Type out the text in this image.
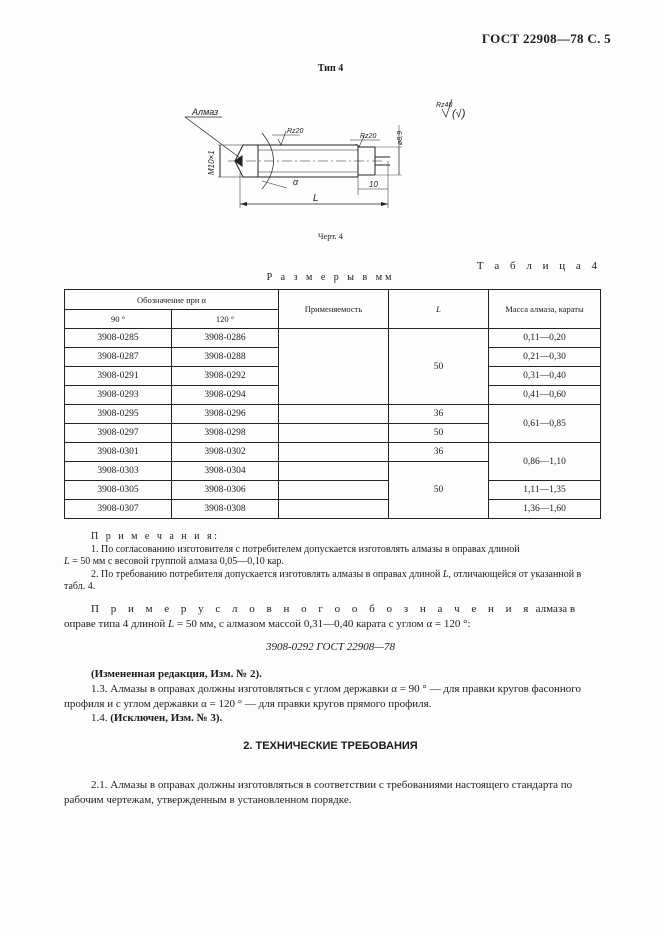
ГОСТ 22908—78 С. 5
Тип 4
Алмаз
M10×1
Rz20
Rz20	ø8,9
α	10
L
Rz40
(√)
Черт. 4
Т а б л и ц а 4
Р а з м е р ы в мм
Обозначение при α		Применяемость	L	Масса алмаза, караты
90 °	120 °			
3908-0285	3908-0286		50	0,11—0,20
3908-0287	3908-0288			0,21—0,30
3908-0291	3908-0292			0,31—0,40
3908-0293	3908-0294			0,41—0,60
3908-0295	3908-0296		36	0,61—0,85
3908-0297	3908-0298		50	
3908-0301	3908-0302		36	0,86—1,10
3908-0303	3908-0304		50	
3908-0305	3908-0306			1,11—1,35
3908-0307	3908-0308			1,36—1,60
П р и м е ч а н и я:
1. По согласованию изготовителя с потребителем допускается изготовлять алмазы в оправах длиной
L = 50 мм с весовой группой алмаза 0,05—0,10 кар.
2. По требованию потребителя допускается изготовлять алмазы в оправах длиной L, отличающейся от указанной в табл. 4.
П р и м е р у с л о в н о г о о б о з н а ч е н и я алмаза в оправе типа 4 длиной L = 50 мм, с алмазом массой 0,31—0,40 карата с углом α = 120 °:
3908-0292 ГОСТ 22908—78
(Измененная редакция, Изм. № 2).
1.3. Алмазы в оправах должны изготовляться с углом державки α = 90 ° — для правки кругов фасонного профиля и с углом державки α = 120 ° — для правки кругов прямого профиля.
1.4. (Исключен, Изм. № 3).
2. ТЕХНИЧЕСКИЕ ТРЕБОВАНИЯ
2.1. Алмазы в оправах должны изготовляться в соответствии с требованиями настоящего стандарта по рабочим чертежам, утвержденным в установленном порядке.
